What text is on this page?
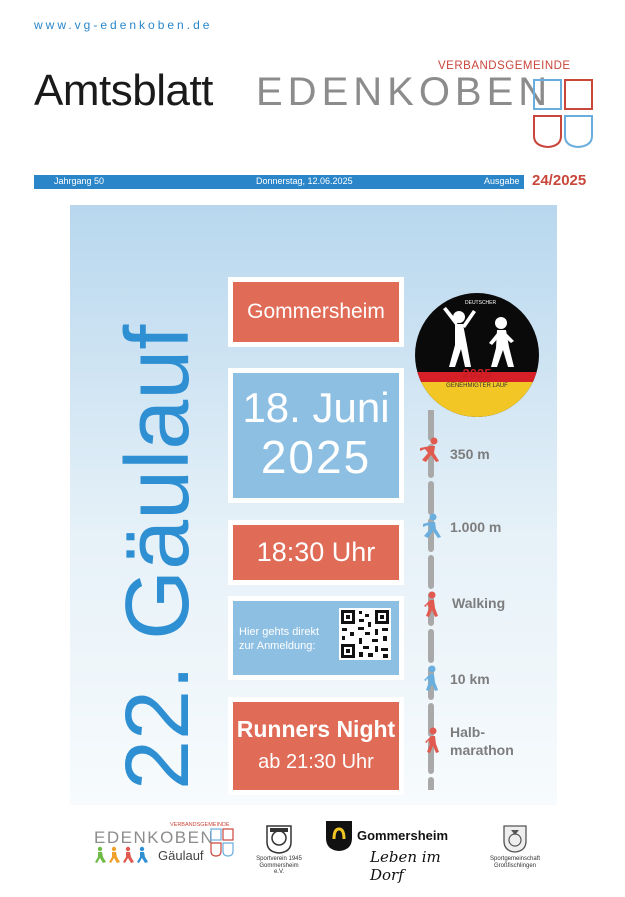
www.vg-edenkoben.de
Amtsblatt	VERBANDSGEMEINDE
EDENKOBEN
Jahrgang 50	Donnerstag, 12.06.2025	Ausgabe 24/2025
22. Gäulauf
Gommersheim
18. Juni
2025
18:30 Uhr
Hier gehts direkt
zur Anmeldung:
Runners Night
ab 21:30 Uhr
DEUTSCHER
2025
GENEHMIGTER LAUF
350 m
1.000 m
Walking
10 km
Halb-
marathon
VERBANDSGEMEINDE
EDENKOBEN
Gäulauf	Sportverein 1945
Gommersheim e.V.
Gommersheim
Leben im Dorf
Sportgemeinschaft
Großfischlingen
